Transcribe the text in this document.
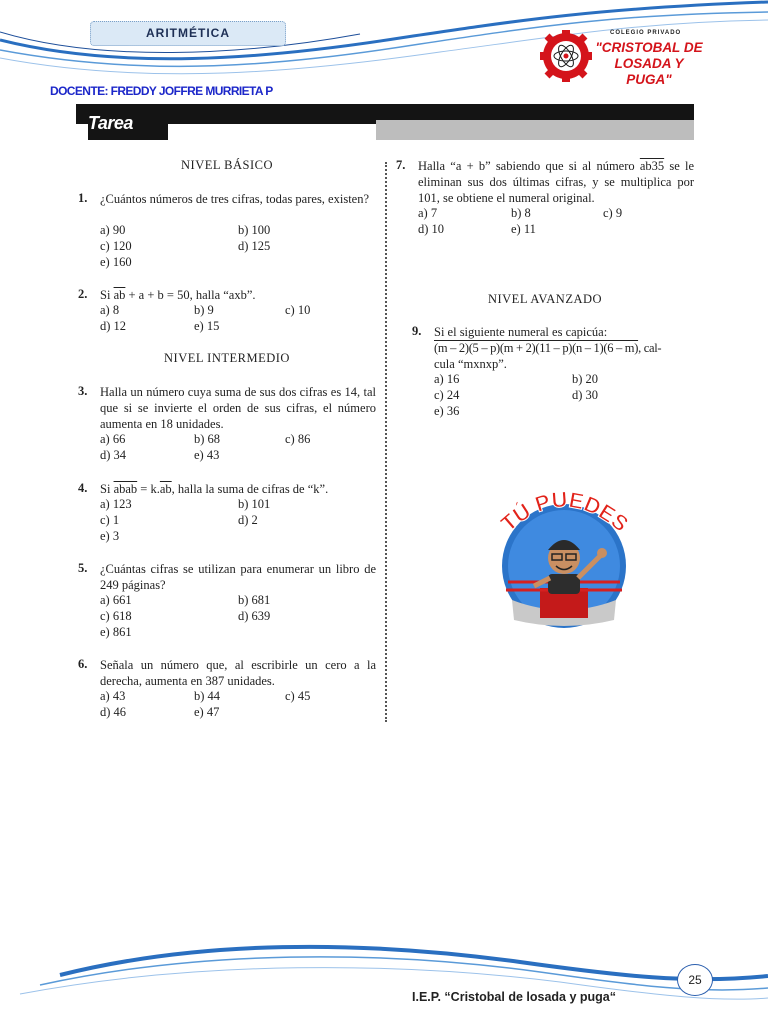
ARITMÉTICA	COLEGIO PRIVADO
"CRISTOBAL DE
LOSADA Y PUGA"
DOCENTE: FREDDY JOFFRE MURRIETA P
Tarea
NIVEL BÁSICO
1. ¿Cuántos números de tres cifras, todas pares, existen?
a) 90	b) 100
c) 120	d) 125
e) 160
2. Si $\overline{ab} + a + b = 50$, halla “axb”.
a) 8	b) 9	c) 10
d) 12	e) 15
NIVEL INTERMEDIO
3. Halla un número cuya suma de sus dos cifras es 14, tal que si se invierte el orden de sus cifras, el número aumenta en 18 unidades.
a) 66	b) 68	c) 86
d) 34	e) 43
4. Si abab = $k.\overline{ab}$, halla la suma de cifras de “k”.
a) 123	b) 101
c) 1	d) 2
e) 3
5. ¿Cuántas cifras se utilizan para enumerar un libro de 249 páginas?
a) 661	b) 681
c) 618	d) 639
e) 861
6. Señala un número que, al escribirle un cero a la derecha, aumenta en 387 unidades.
a) 43	b) 44	c) 45
d) 46	e) 47
7. Halla “a + b” sabiendo que si al número ab35 se le eliminan sus dos últimas cifras, y se multiplica por 101, se obtiene el numeral original.
a) 7	b) 8	c) 9
d) 10	e) 11
NIVEL AVANZADO
9. Si el siguiente numeral es capicúa:
(m – 2)(5 – p)(m + 2)(11 – p)(n – 1)(6 – m), cal-
cula “mxnxp”.
a) 16	b) 20
c) 24	d) 30
e) 36
TÚ PUEDES
25
I.E.P. “Cristobal de losada y puga“
